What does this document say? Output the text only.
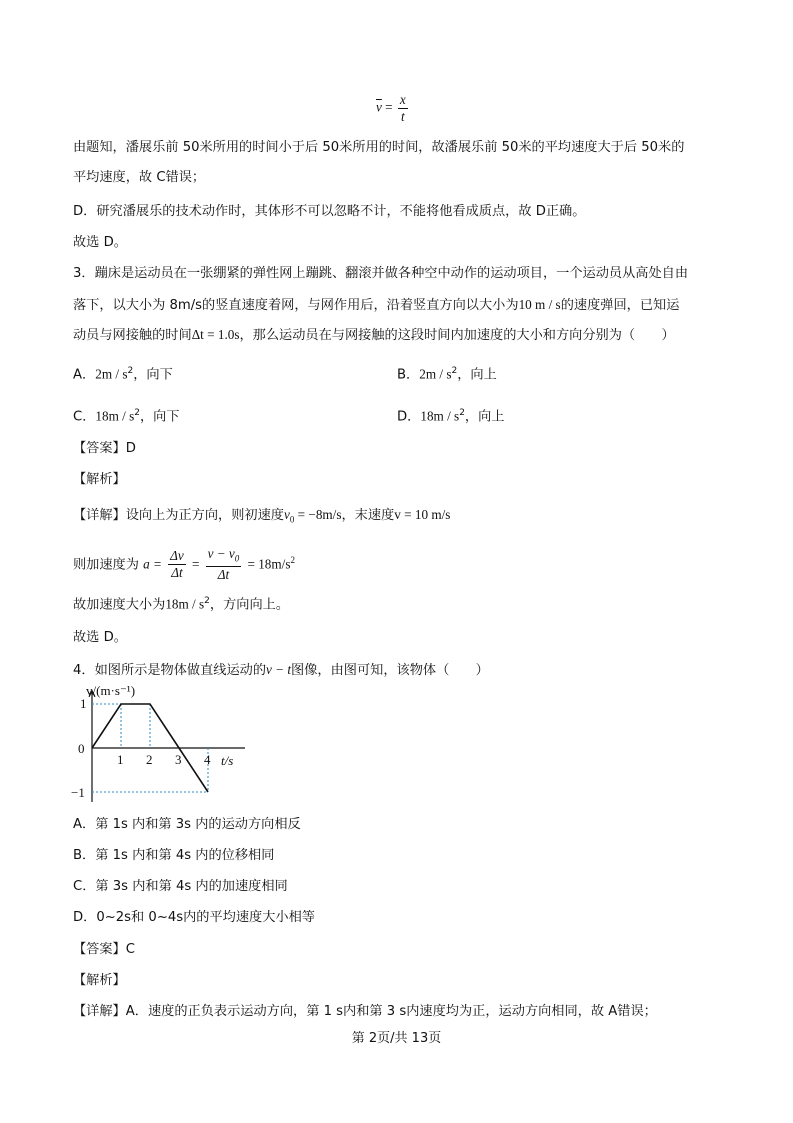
$\overline{v} = \frac{x}{t}$
由题知，潘展乐前 50米所用的时间小于后 50米所用的时间，故潘展乐前 50米的平均速度大于后 50米的
平均速度，故 C错误；
D．研究潘展乐的技术动作时，其体形不可以忽略不计，不能将他看成质点，故 D正确。
故选 D。
3．蹦床是运动员在一张绷紧的弹性网上蹦跳、翻滚并做各种空中动作的运动项目，一个运动员从高处自由
落下，以大小为 8m/s的竖直速度着网，与网作用后，沿着竖直方向以大小为10 m / s的速度弹回，已知运
动员与网接触的时间Δt = 1.0s，那么运动员在与网接触的这段时间内加速度的大小和方向分别为（　　）
A．$2m / s^2$，向下	B．$2m / s^2$，向上
C．$18m / s^2$，向下	D．$18m / s^2$，向上
【答案】D
【解析】
【详解】设向上为正方向，则初速度$v_0 = -8m/s$，末速度v = 10 m/s
则加速度为 $a = \frac{\Delta v}{\Delta t} = \frac{v - v_0}{\Delta t} = 18m/s^2$
故加速度大小为$18m / s^2$，方向向上。
故选 D。
4．如图所示是物体做直线运动的v − t图像，由图可知，该物体（　　）
1 2 3 4
1
0
−1
t/s
v/(m·s⁻¹)
A．第 1s 内和第 3s 内的运动方向相反
B．第 1s 内和第 4s 内的位移相同
C．第 3s 内和第 4s 内的加速度相同
D．0~2s和 0~4s内的平均速度大小相等
【答案】C
【解析】
【详解】A．速度的正负表示运动方向，第 1 s内和第 3 s内速度均为正，运动方向相同，故 A错误；
第 2页/共 13页
